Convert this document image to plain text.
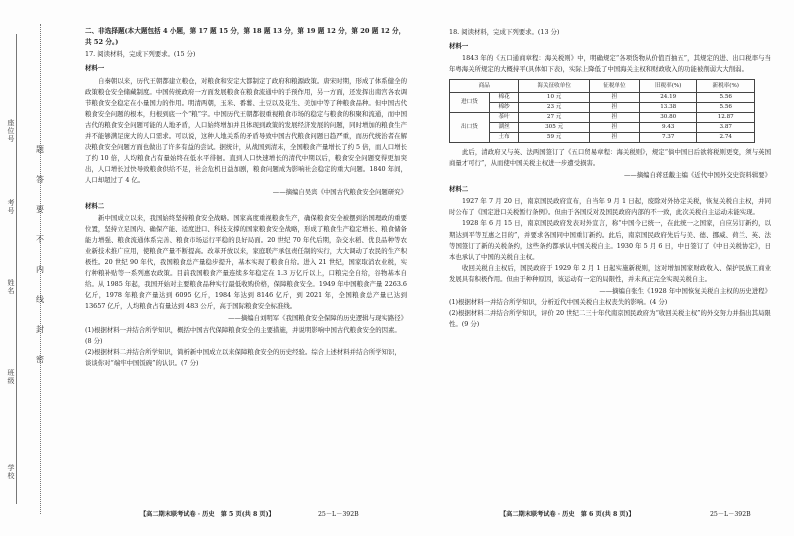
学校
班级
姓名
考号
座位号
密
封
线
内
不
要
答
题
二、非选择题(本大题包括 4 小题，第 17 题 15 分，第 18 题 13 分，第 19 题 12 分，第 20 题 12 分，
共 52 分。)
17. 阅读材料，完成下列要求。(15 分)
材料一

自秦朝以来，历代王朝都建立粮仓，对粮食和安定大都制定了政府和粮源政策。唐宋时期，形成了体系健全的政策粮仓安全储藏制度。中国传统政府一方面发展粮食在粮食流通中的手预作用，另一方面，还发挥出南宫各农调节粮食安全稳定在小量国力的作用。明清两朝，玉米、番薯、土豆以及花生、美加中等了种粮食品种。但中国古代粮食安全问题的根本，归根到底一个“粮”字。中国历代王朝都很重视粮食市场的稳定与粮食的积聚和流通，而中国古代的粮食安全问题可能的人地矛盾，人口始终增加并且体现到政策的发展经济发展的问题，同时增加的粮食生产并不能够满足庞大的人口需求。可以说，这种人地关系的矛盾导致中国古代粮食问题日趋严重，而历代统治者在解决粮食安全问题方面也做出了许多有益的尝试。据统计，从战国到清末，全国粮食产量增长了约 5 倍，而人口增长了约 10 倍，人均粮食占有量始终在低水平徘徊。直到人口快速增长的清代中期以后，粮食安全问题变得更加突出，人口增长过快导致粮食供给不足，社会危机日益加剧，粮食问题成为影响社会稳定的重大问题。1840 年间，人口却超过了 4 亿。

——摘编自吴宾《中国古代粮食安全问题研究》
材料二

新中国成立以来，我国始终坚持粮食安全战略。国家高度重视粮食生产，确保粮食安全被摆到治国理政的重要位置，坚持立足国内、确保产能、适度进口、科技支撑的国家粮食安全战略，形成了粮食生产稳定增长、粮食储备能力增强、粮食流通体系完善、粮食市场运行平稳的良好局面。20 世纪 70 年代后期，杂交水稻、优良品种等农业新技术推广应用，使粮食产量不断提高。改革开放以来，家庭联产承包责任制的实行，大大调动了农民的生产积极性。20 世纪 90 年代，我国粮食总产量稳步提升，基本实现了粮食自给。进入 21 世纪，国家取消农业税，实行种粮补贴等一系列惠农政策。目前我国粮食产量连续多年稳定在 1.3 万亿斤以上，口粮完全自给，谷物基本自给。从 1985 年起，我国开始对主要粮食品种实行最低收购价格，保障粮食安全。1949 年中国粮食产量 2263.6 亿斤，1978 年粮食产量达到 6095 亿斤，1984 年达到 8146 亿斤，到 2021 年，全国粮食总产量已达到 13657 亿斤，人均粮食占有量达到 483 公斤，高于国际粮食安全标准线。

——摘编自刘明军《我国粮食安全保障的历史逻辑与现实路径》
(1)根据材料一并结合所学知识，概括中国古代保障粮食安全的主要措施，并说明影响中国古代粮食安全的因素。(8 分)
(2)根据材料二并结合所学知识，简析新中国成立以来保障粮食安全的历史经验。综合上述材料并结合所学知识，谈谈你对“端牢中国饭碗”的认识。(7 分)
18. 阅读材料，完成下列要求。(13 分)
材料一

1843 年的《五口通商章程：海关税则》中，明确规定“各项货物从价值百抽五”，其规定的进、出口税率与当年粤海关所规定的大概持平(具体如下表)，实际上降低了中国海关主权和财政收入的功能被削弱大大削弱。

商品		海关征收单位	征税单位	旧税率(%)	新税率(%)
进口货	棉花	10 元	担	24.19	5.56
	棉纱	23 元	担	13.38	5.56
出口货	茶叶	27 元	担	30.80	12.87
	湖丝	305 元	担	9.43	3.87
	土布	59 元	担	7.37	2.74

此后，清政府又与英、法两国签订了《五口贸易章程：海关税则》，规定“倘中国日后欲将税则更变，须与英国商量才可行”，从而使中国关税主权进一步遭受损害。

——摘编自蒋廷黻主编《近代中国外交史资料辑要》
材料二

1927 年 7 月 20 日，南京国民政府宣布，自当年 9 月 1 日起，废除对外协定关税，恢复关税自主权，并同时公布了《国定进口关税暂行条例》。但由于各国反对及国民政府内部的不一致，此次关税自主运动未能实现。

1928 年 6 月 15 日，南京国民政府发表对外宣言，称“中国今已统一，在此统一之国家，自应另订新约，以期达到平等互惠之目的”，并要求各国同中国重订新约。此后，南京国民政府先后与美、德、挪威、荷兰、英、法等国签订了新的关税条约，这些条约都承认中国关税自主。1930 年 5 月 6 日，中日签订了《中日关税协定》，日本也承认了中国的关税自主权。

收回关税自主权后，国民政府于 1929 年 2 月 1 日起实施新税则，这对增加国家财政收入、保护民族工商业发展具有积极作用。但由于种种原因，该运动有一定的局限性，并未真正完全实现关税自主。

——摘编自张生《1928 年中国恢复关税自主权的历史进程》
(1)根据材料一并结合所学知识，分析近代中国关税自主权丧失的影响。(4 分)
(2)根据材料二并结合所学知识，评价 20 世纪二三十年代南京国民政府为“收回关税主权”的外交努力并指出其局限性。(9 分)
【高二期末联考试卷 · 历史　第 5 页(共 8 页)】	25－L－392B	【高二期末联考试卷 · 历史　第 6 页(共 8 页)】	25－L－392B
